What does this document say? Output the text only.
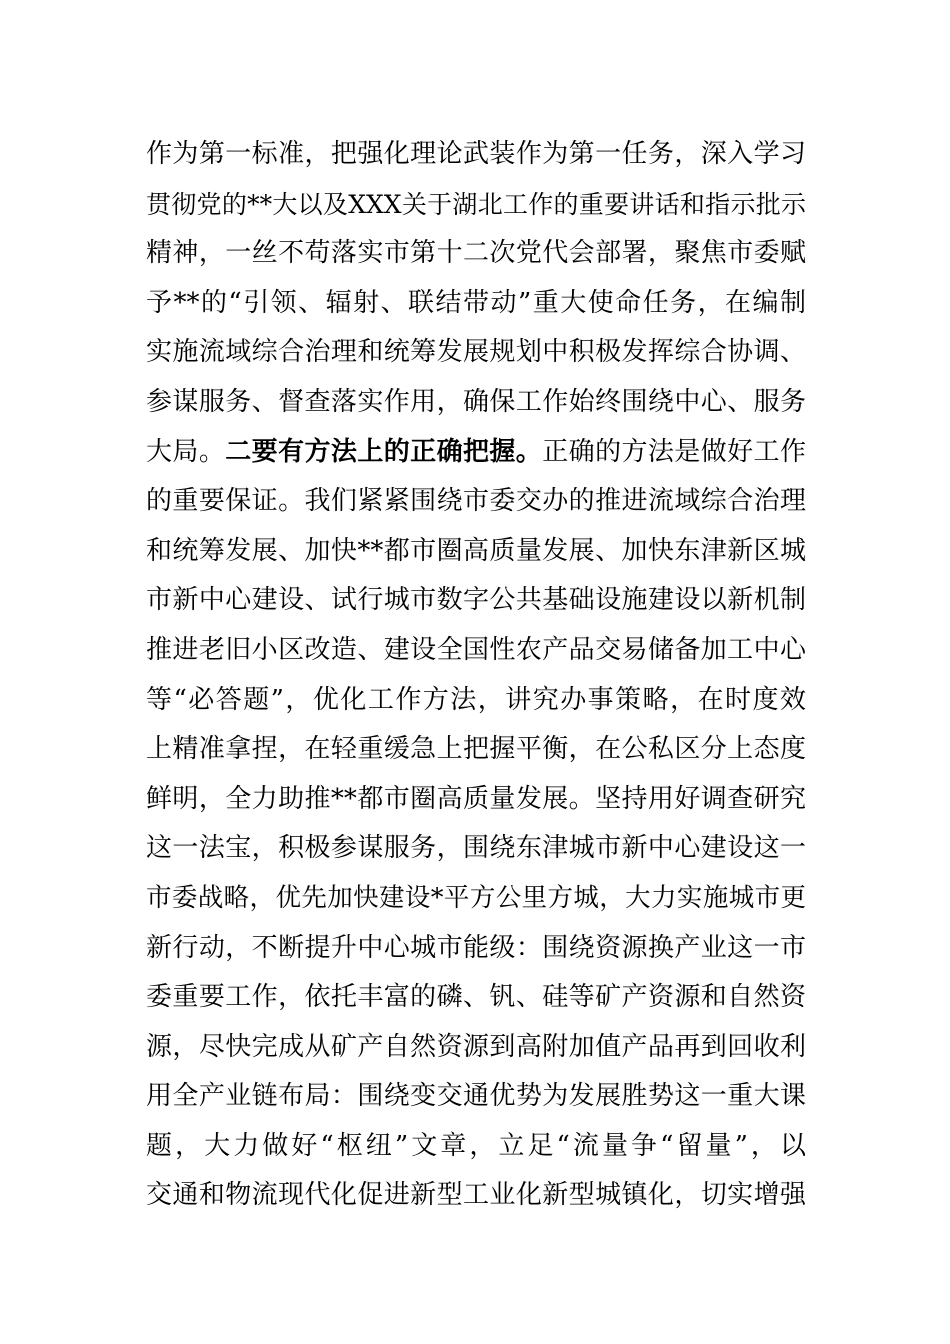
作为第一标准，把强化理论武装作为第一任务，深入学习
贯彻党的**大以及XXX关于湖北工作的重要讲话和指示批示
精神，一丝不苟落实市第十二次党代会部署，聚焦市委赋
予**的“引领、辐射、联结带动”重大使命任务，在编制
实施流域综合治理和统筹发展规划中积极发挥综合协调、
参谋服务、督查落实作用，确保工作始终围绕中心、服务
大局。二要有方法上的正确把握。正确的方法是做好工作
的重要保证。我们紧紧围绕市委交办的推进流域综合治理
和统筹发展、加快**都市圈高质量发展、加快东津新区城
市新中心建设、试行城市数字公共基础设施建设以新机制
推进老旧小区改造、建设全国性农产品交易储备加工中心
等“必答题”，优化工作方法，讲究办事策略，在时度效
上精准拿捏，在轻重缓急上把握平衡，在公私区分上态度
鲜明，全力助推**都市圈高质量发展。坚持用好调查研究
这一法宝，积极参谋服务，围绕东津城市新中心建设这一
市委战略，优先加快建设*平方公里方城，大力实施城市更
新行动，不断提升中心城市能级：围绕资源换产业这一市
委重要工作，依托丰富的磷、钒、硅等矿产资源和自然资
源，尽快完成从矿产自然资源到高附加值产品再到回收利
用全产业链布局：围绕变交通优势为发展胜势这一重大课
题，大力做好“枢纽”文章，立足“流量争“留量”，以
交通和物流现代化促进新型工业化新型城镇化，切实增强
